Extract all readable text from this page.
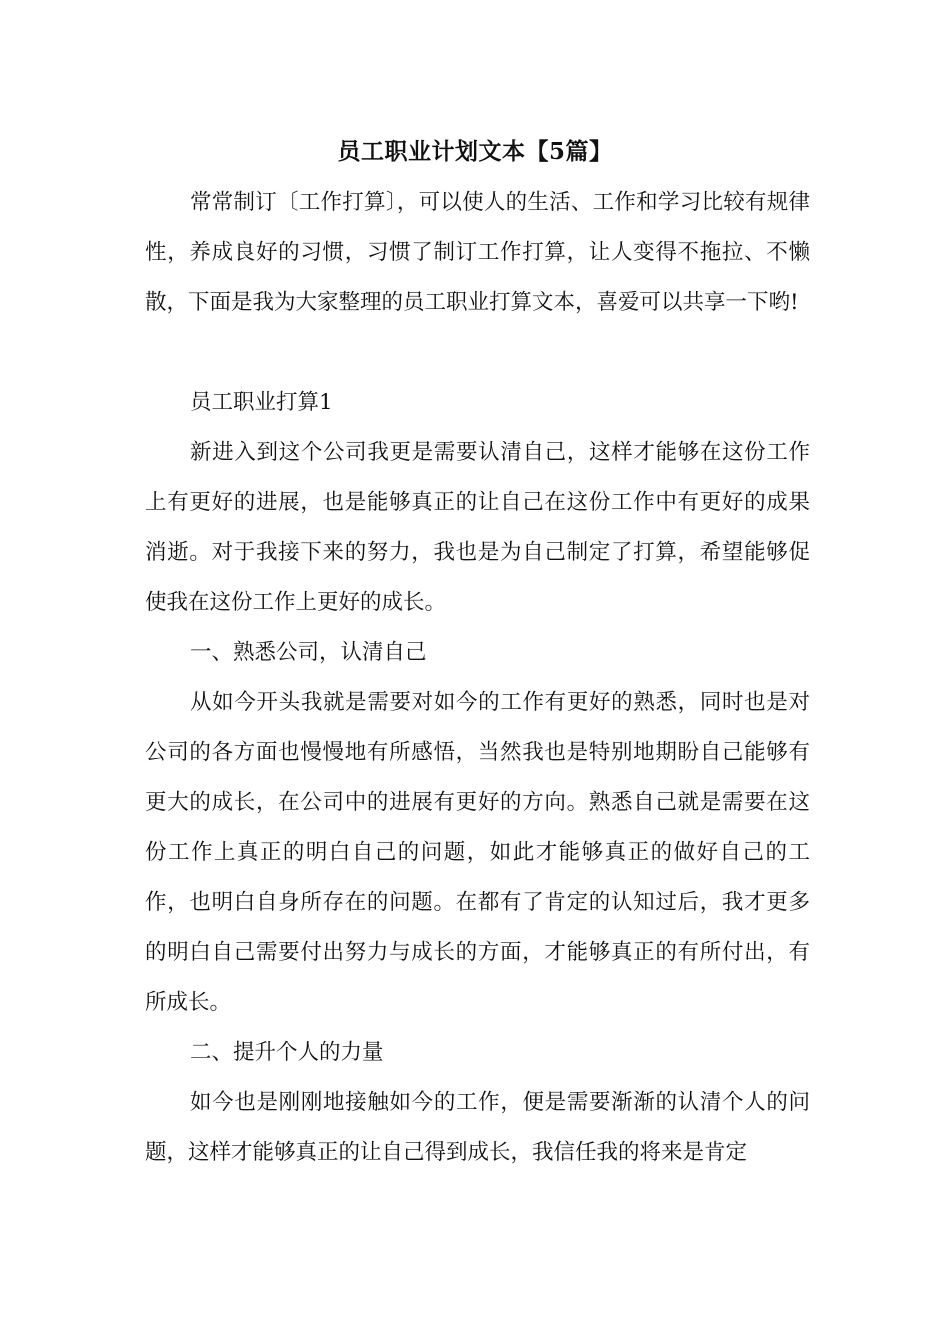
员工职业计划文本【5篇】

常常制订〔工作打算〕，可以使人的生活、工作和学习比较有规律性，养成良好的习惯，习惯了制订工作打算，让人变得不拖拉、不懒散，下面是我为大家整理的员工职业打算文本，喜爱可以共享一下哟!

员工职业打算1

新进入到这个公司我更是需要认清自己，这样才能够在这份工作上有更好的进展，也是能够真正的让自己在这份工作中有更好的成果消逝。对于我接下来的努力，我也是为自己制定了打算，希望能够促使我在这份工作上更好的成长。

一、熟悉公司，认清自己

从如今开头我就是需要对如今的工作有更好的熟悉，同时也是对公司的各方面也慢慢地有所感悟，当然我也是特别地期盼自己能够有更大的成长，在公司中的进展有更好的方向。熟悉自己就是需要在这份工作上真正的明白自己的问题，如此才能够真正的做好自己的工作，也明白自身所存在的问题。在都有了肯定的认知过后，我才更多的明白自己需要付出努力与成长的方面，才能够真正的有所付出，有所成长。

二、提升个人的力量

如今也是刚刚地接触如今的工作，便是需要渐渐的认清个人的问题，这样才能够真正的让自己得到成长，我信任我的将来是肯定
